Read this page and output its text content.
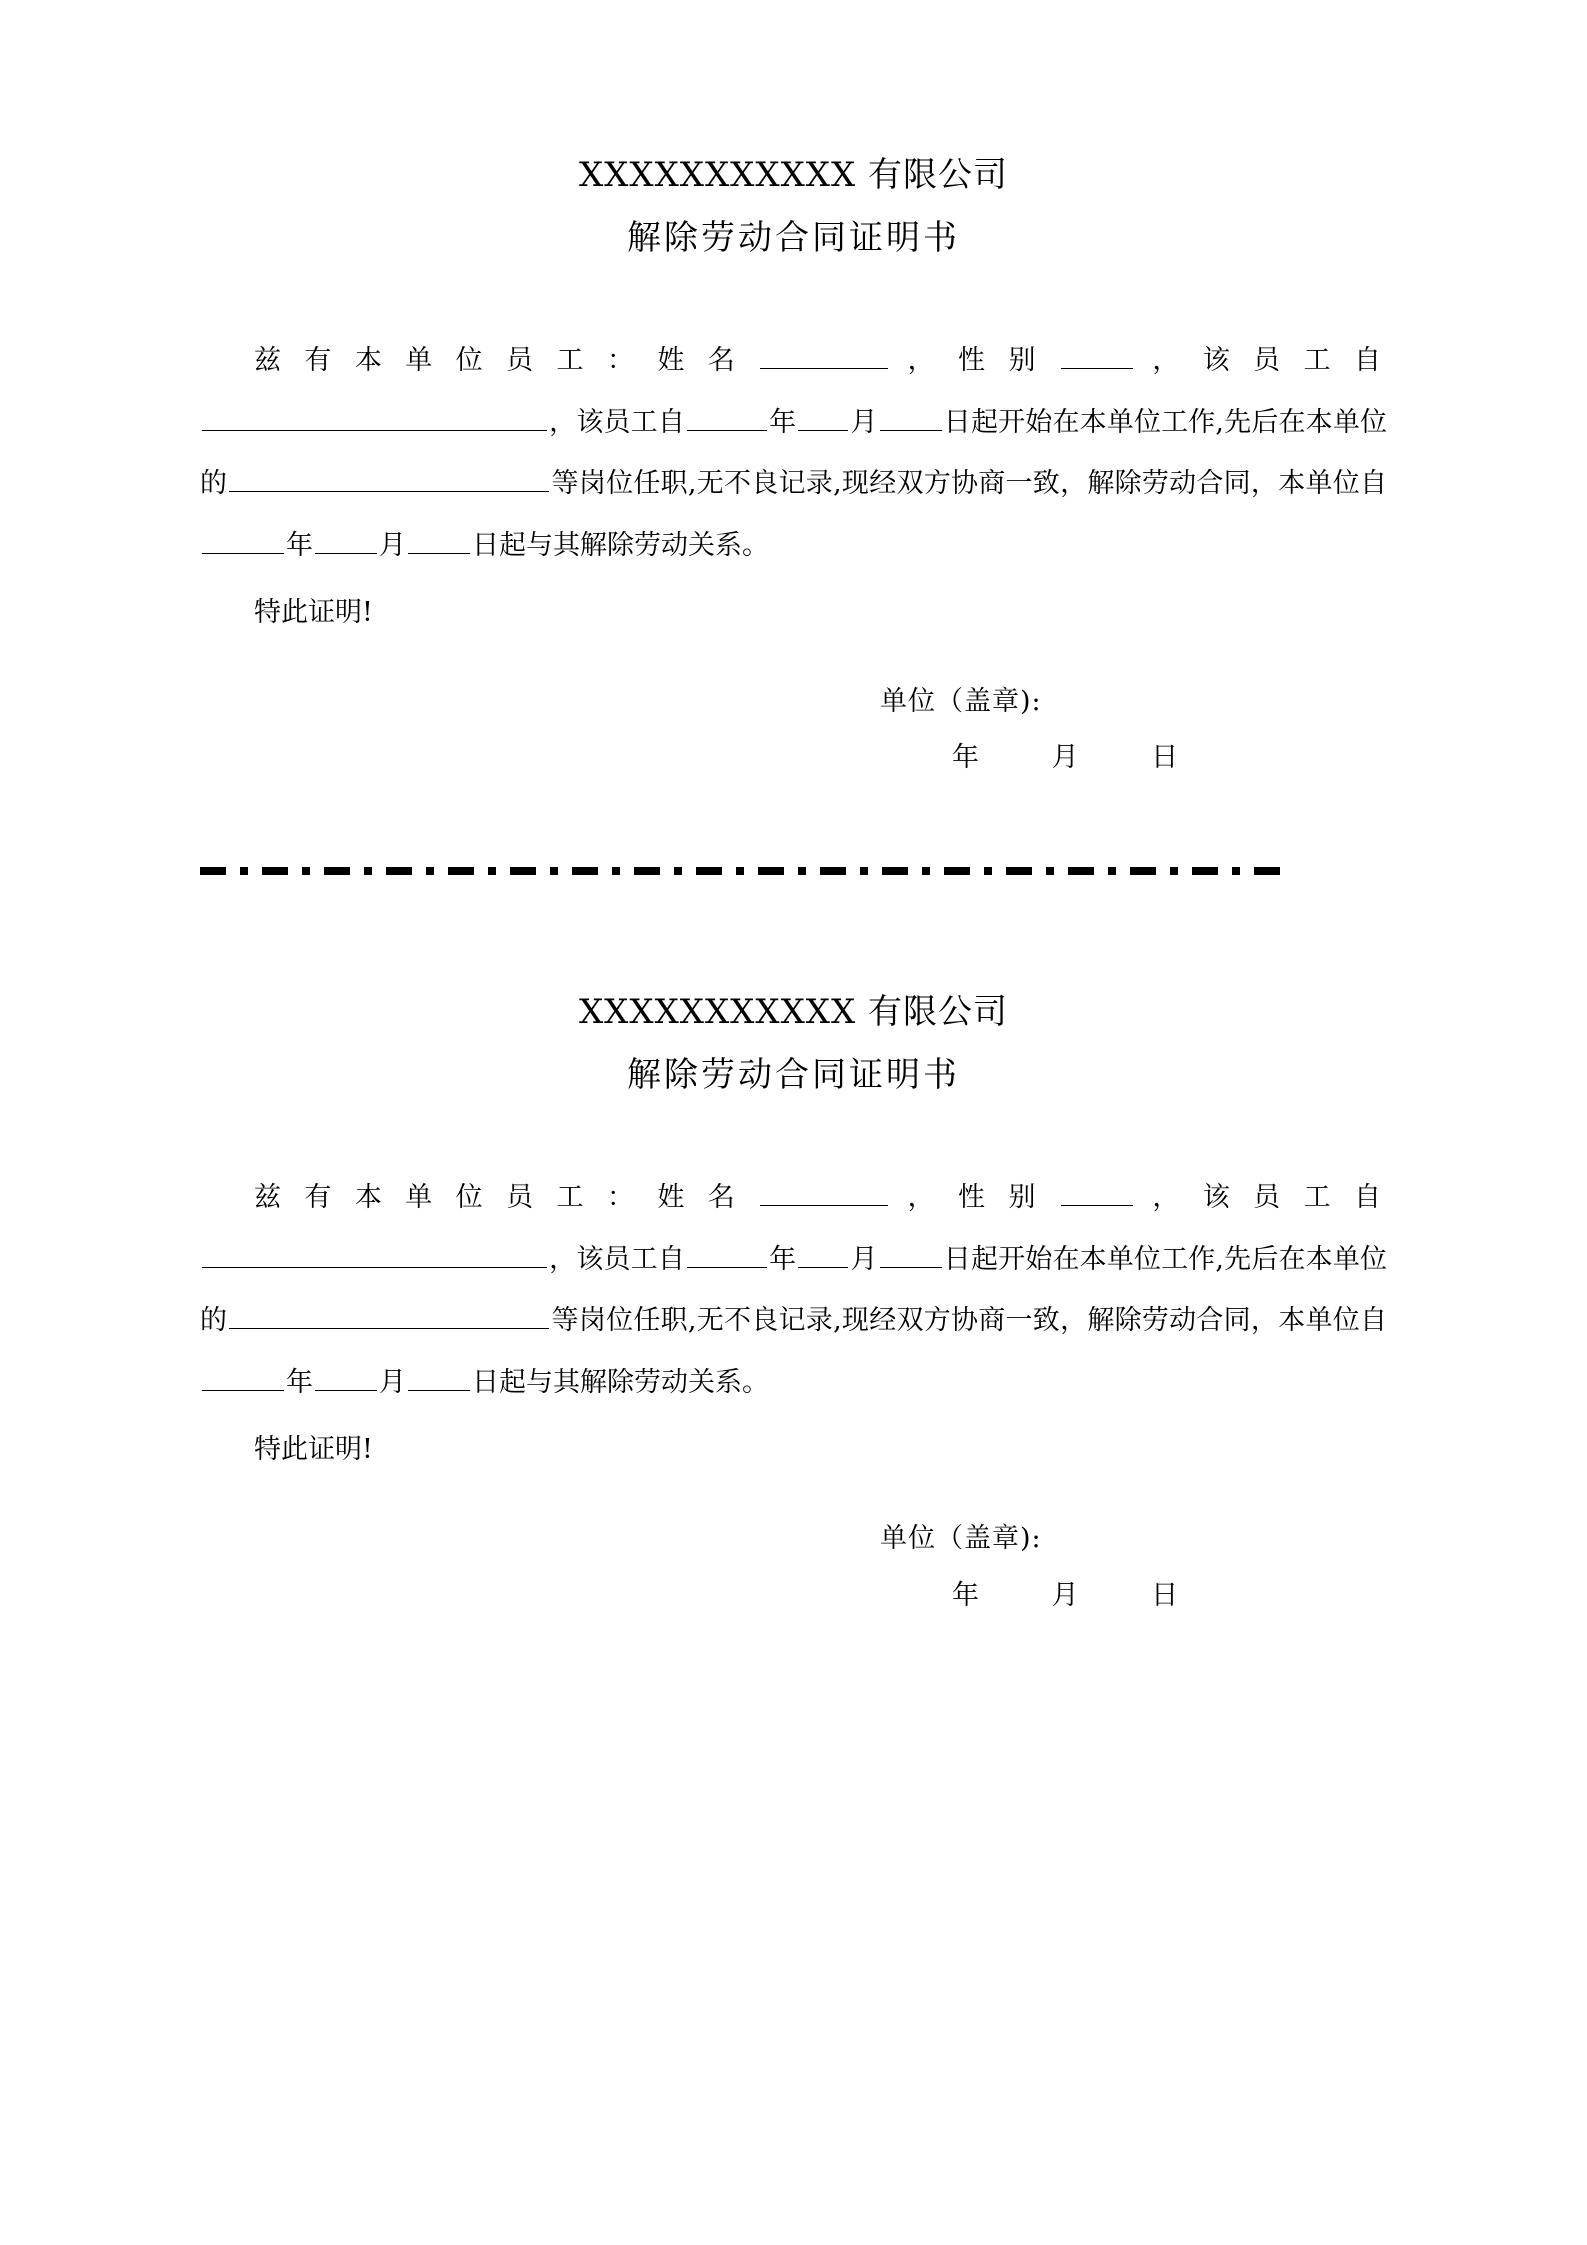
XXXXXXXXXXX 有限公司
解除劳动合同证明书

兹有本单位员工：姓名	，性别	，该员工自，该员工自	年 月 日起开始在本单位工作,先后在本单位的	等岗位任职,无不良记录,现经双方协商一致，解除劳动合同，本单位自年 月 日起与其解除劳动关系。

特此证明!

单位（盖章):

年 月 日

XXXXXXXXXXX 有限公司
解除劳动合同证明书

兹有本单位员工：姓名	，性别	，该员工自，该员工自	年 月 日起开始在本单位工作,先后在本单位的	等岗位任职,无不良记录,现经双方协商一致，解除劳动合同，本单位自年 月 日起与其解除劳动关系。

特此证明!

单位（盖章):

年 月 日
